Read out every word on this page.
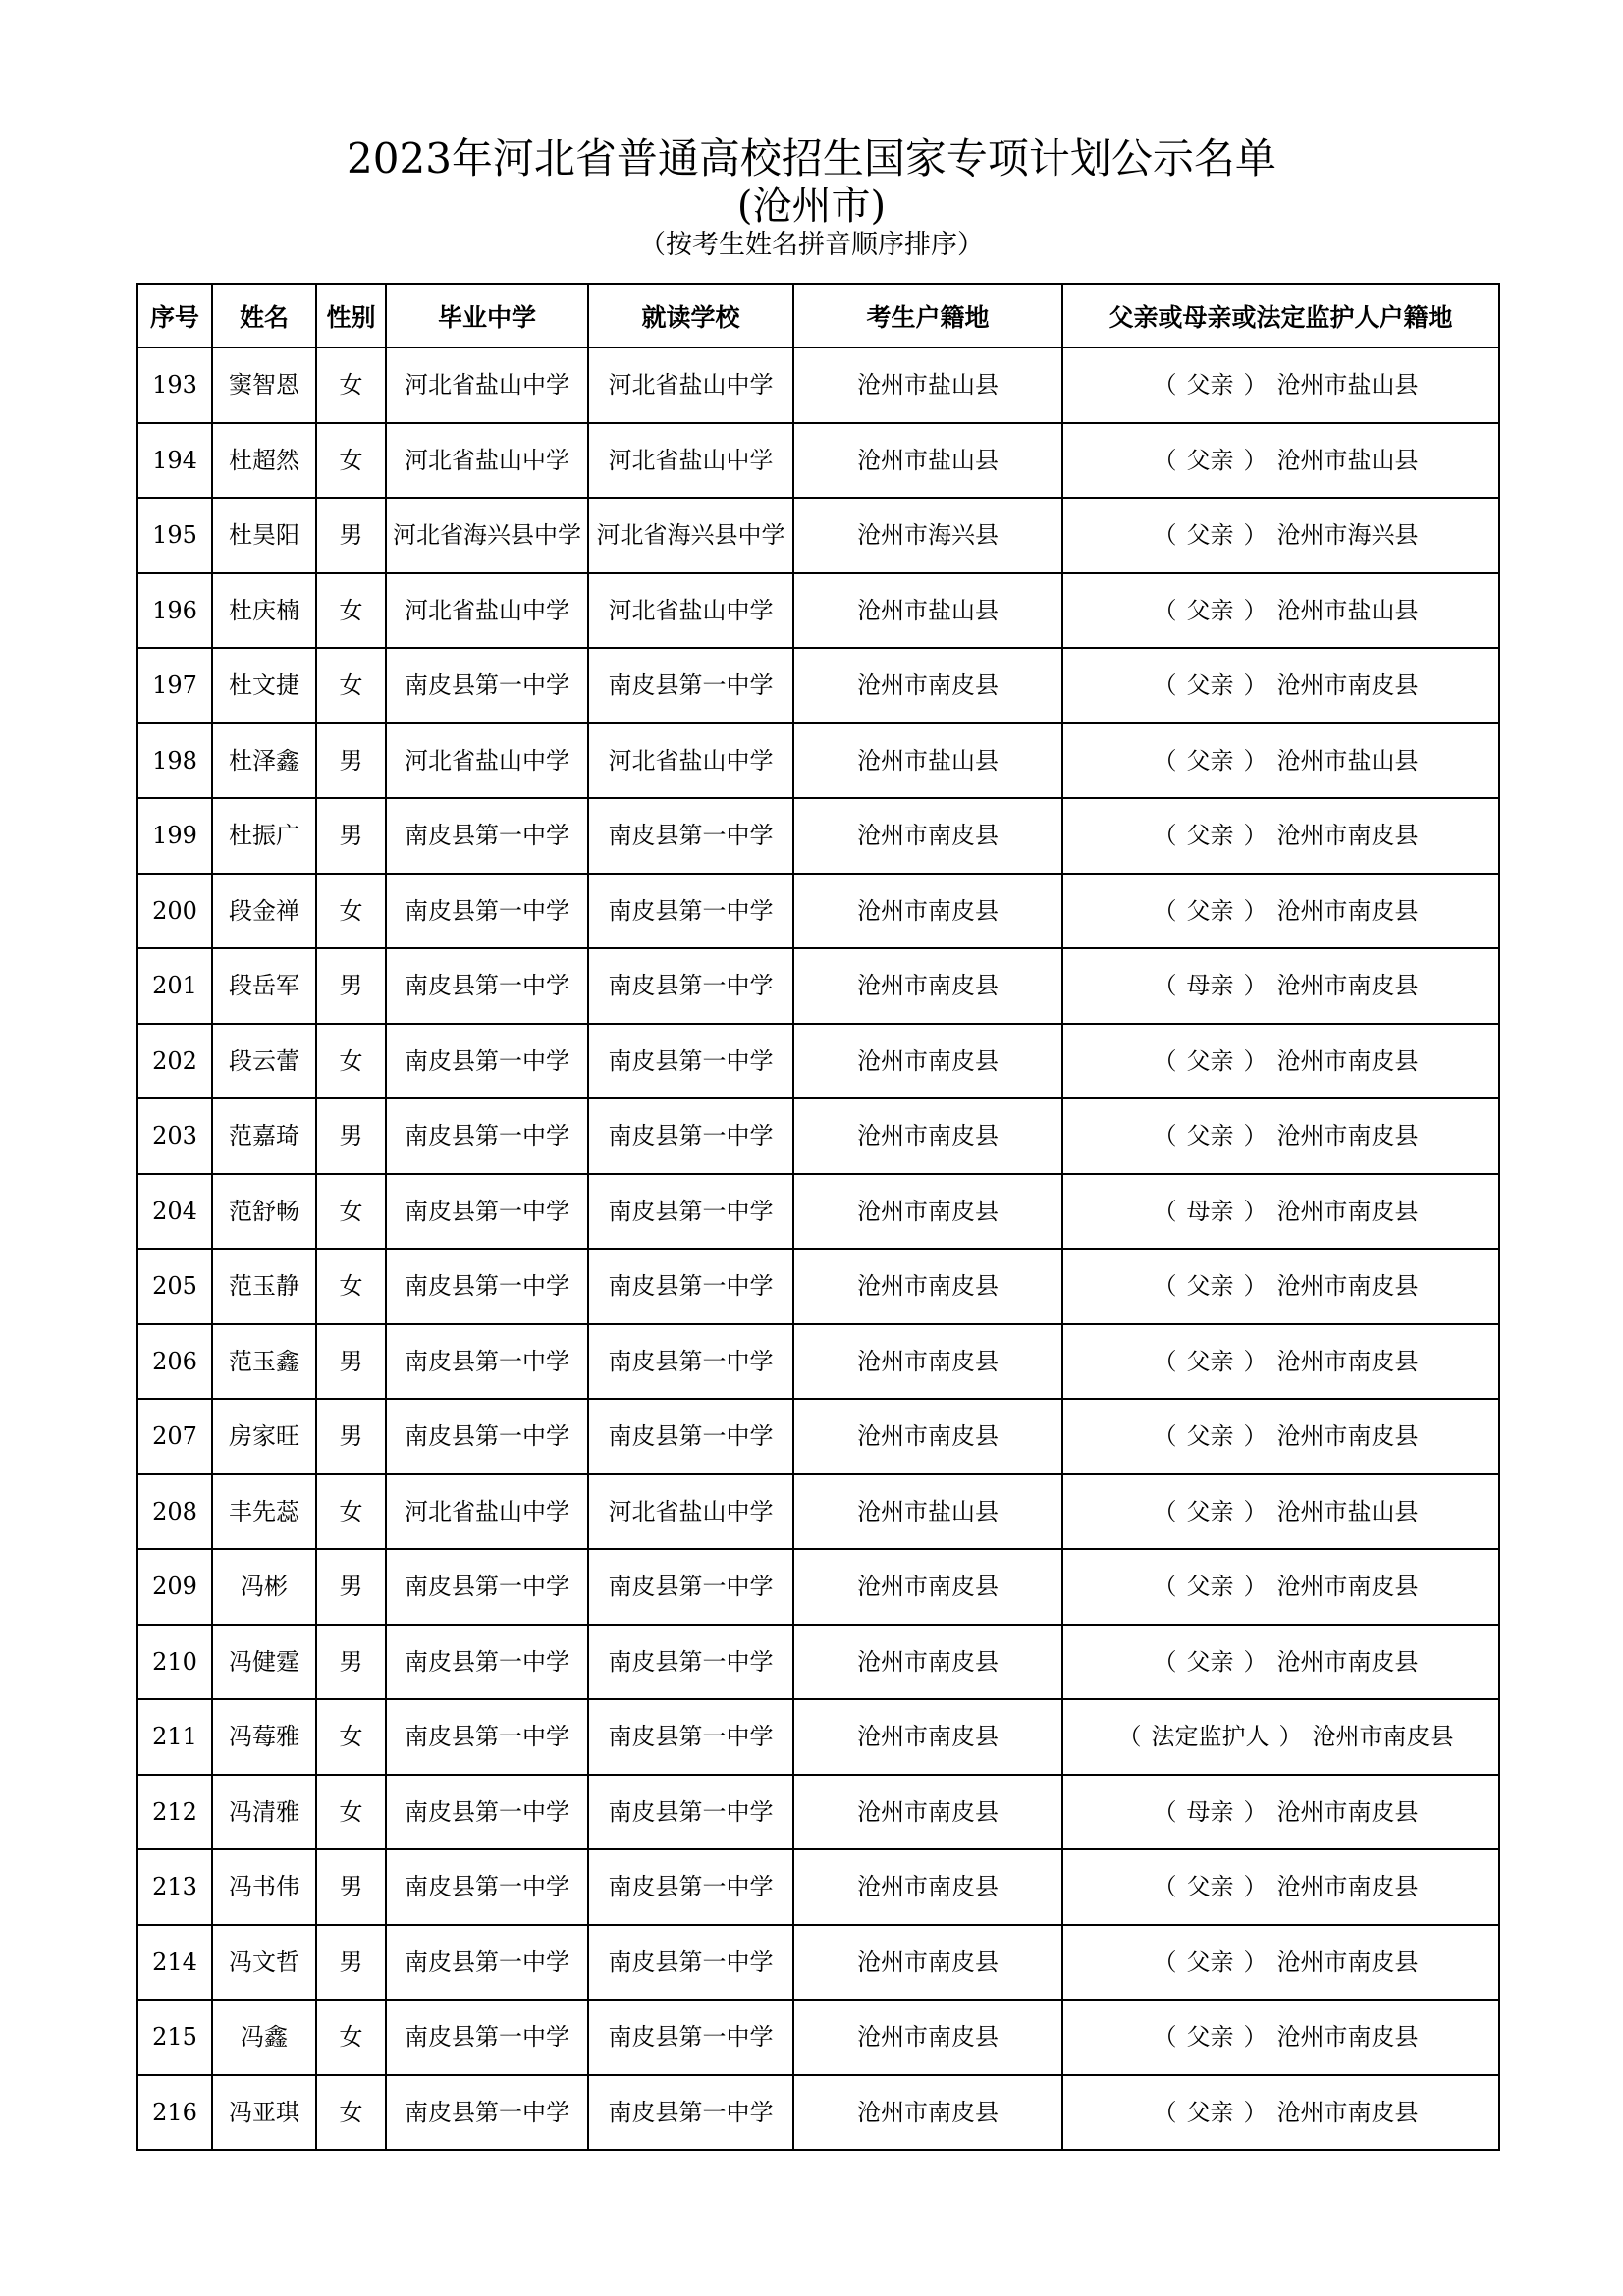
2023年河北省普通高校招生国家专项计划公示名单
(沧州市)
（按考生姓名拼音顺序排序）
序号	姓名	性别	毕业中学	就读学校	考生户籍地	父亲或母亲或法定监护人户籍地
193	窦智恩	女	河北省盐山中学	河北省盐山中学	沧州市盐山县	（ 父亲 ） 沧州市盐山县
194	杜超然	女	河北省盐山中学	河北省盐山中学	沧州市盐山县	（ 父亲 ） 沧州市盐山县
195	杜昊阳	男	河北省海兴县中学	河北省海兴县中学	沧州市海兴县	（ 父亲 ） 沧州市海兴县
196	杜庆楠	女	河北省盐山中学	河北省盐山中学	沧州市盐山县	（ 父亲 ） 沧州市盐山县
197	杜文捷	女	南皮县第一中学	南皮县第一中学	沧州市南皮县	（ 父亲 ） 沧州市南皮县
198	杜泽鑫	男	河北省盐山中学	河北省盐山中学	沧州市盐山县	（ 父亲 ） 沧州市盐山县
199	杜振广	男	南皮县第一中学	南皮县第一中学	沧州市南皮县	（ 父亲 ） 沧州市南皮县
200	段金禅	女	南皮县第一中学	南皮县第一中学	沧州市南皮县	（ 父亲 ） 沧州市南皮县
201	段岳军	男	南皮县第一中学	南皮县第一中学	沧州市南皮县	（ 母亲 ） 沧州市南皮县
202	段云蕾	女	南皮县第一中学	南皮县第一中学	沧州市南皮县	（ 父亲 ） 沧州市南皮县
203	范嘉琦	男	南皮县第一中学	南皮县第一中学	沧州市南皮县	（ 父亲 ） 沧州市南皮县
204	范舒畅	女	南皮县第一中学	南皮县第一中学	沧州市南皮县	（ 母亲 ） 沧州市南皮县
205	范玉静	女	南皮县第一中学	南皮县第一中学	沧州市南皮县	（ 父亲 ） 沧州市南皮县
206	范玉鑫	男	南皮县第一中学	南皮县第一中学	沧州市南皮县	（ 父亲 ） 沧州市南皮县
207	房家旺	男	南皮县第一中学	南皮县第一中学	沧州市南皮县	（ 父亲 ） 沧州市南皮县
208	丰先蕊	女	河北省盐山中学	河北省盐山中学	沧州市盐山县	（ 父亲 ） 沧州市盐山县
209	冯彬	男	南皮县第一中学	南皮县第一中学	沧州市南皮县	（ 父亲 ） 沧州市南皮县
210	冯健霆	男	南皮县第一中学	南皮县第一中学	沧州市南皮县	（ 父亲 ） 沧州市南皮县
211	冯莓雅	女	南皮县第一中学	南皮县第一中学	沧州市南皮县	（ 法定监护人 ） 沧州市南皮县
212	冯清雅	女	南皮县第一中学	南皮县第一中学	沧州市南皮县	（ 母亲 ） 沧州市南皮县
213	冯书伟	男	南皮县第一中学	南皮县第一中学	沧州市南皮县	（ 父亲 ） 沧州市南皮县
214	冯文哲	男	南皮县第一中学	南皮县第一中学	沧州市南皮县	（ 父亲 ） 沧州市南皮县
215	冯鑫	女	南皮县第一中学	南皮县第一中学	沧州市南皮县	（ 父亲 ） 沧州市南皮县
216	冯亚琪	女	南皮县第一中学	南皮县第一中学	沧州市南皮县	（ 父亲 ） 沧州市南皮县
